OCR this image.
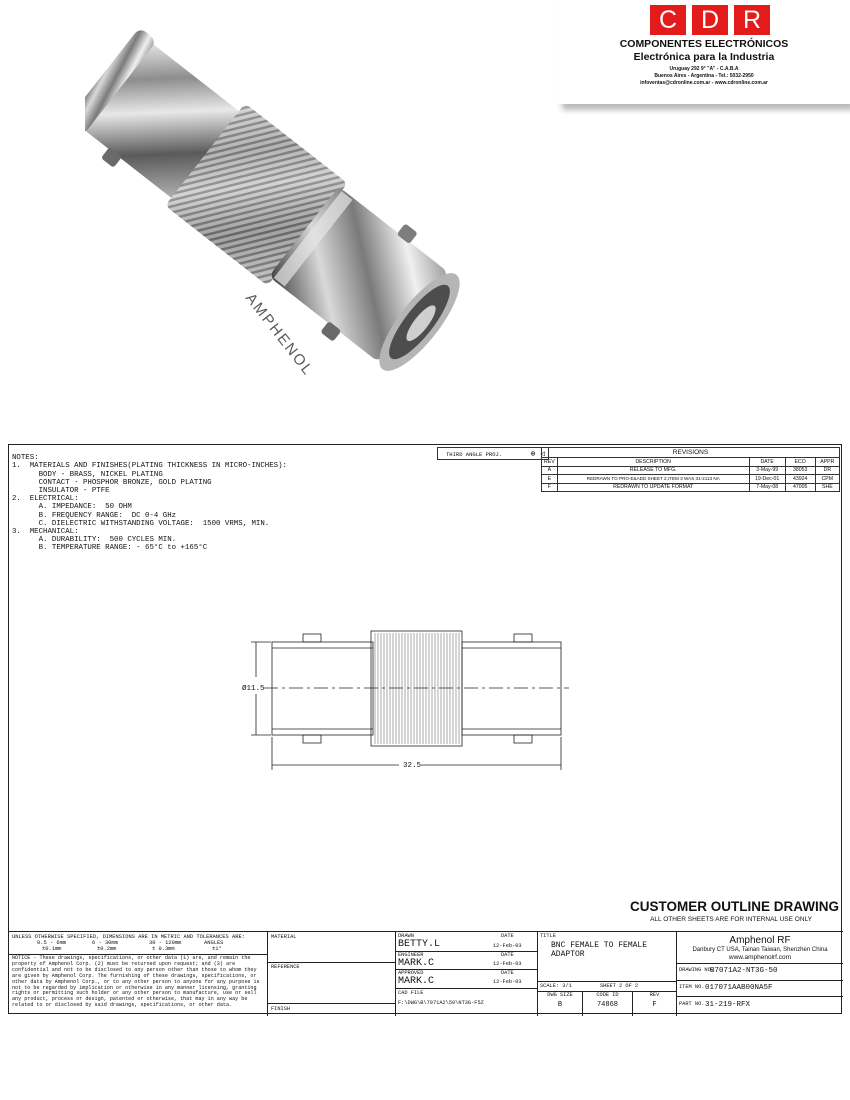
AMPHENOL
C D R
COMPONENTES ELECTRÓNICOS
Electrónica para la Industria
Uruguay 292 9° "A" - C.A.B.A
Buenos Aires - Argentina - Tel.: 5032-2950
infoventas@cdronline.com.ar - www.cdronline.com.ar

NOTES:
1.  MATERIALS AND FINISHES(PLATING THICKNESS IN MICRO-INCHES):
BODY - BRASS, NICKEL PLATING
CONTACT - PHOSPHOR BRONZE, GOLD PLATING
INSULATOR - PTFE
2.  ELECTRICAL:
A. IMPEDANCE:  50 OHM
B. FREQUENCY RANGE:  DC 0-4 GHz
C. DIELECTRIC WITHSTANDING VOLTAGE:  1500 VRMS, MIN.
3.  MECHANICAL:
A. DURABILITY:  500 CYCLES MIN.
B. TEMPERATURE RANGE: - 65°C to +165°C
THIRD ANGLE PROJ.	⊕ ◁	REVISIONS				
REV	DESCRIPTION	DATE	ECO	APPR
A	RELEASE TO MFG.	3-May-99	38053	DR
E	REDRAWN TO PRO-E&ADD SHEET 2,ITEM 3 WAS 31-2113 NA	19-Dec-01	43924	CPM
F	REDRAWN TO UPDATE FORMAT	7-May-08	47005	SHE
Ø11.5
32.5
CUSTOMER OUTLINE DRAWING
ALL OTHER SHEETS ARE FOR INTERNAL USE ONLY
UNLESS OTHERWISE SPECIFIED, DIMENSIONS ARE IN METRIC AND TOLERANCES ARE:
0.5 - 6mm	6 - 30mm	30 - 120mm	ANGLES
±0.1mm	±0.2mm	± 0.3mm	±1°
NOTICE - These drawings, specifications, or other data (1) are, and remain the property of Amphenol Corp. (2) must be returned upon request; and (3) are confidential and not to be disclosed to any person other than those to whom they are given by Amphenol Corp. The furnishing of these drawings, specifications, or other data by Amphenol Corp., or to any other person to anyone for any purpose is not to be regarded by implication or otherwise in any manner licensing, granting rights or permitting such holder or any other person to manufacture, use or sell any product, process or design, patented or otherwise, that may in any way be related to or disclosed by said drawings, specifications, or other data.
MATERIAL
REFERENCE
FINISH
DRAWN	DATE
BETTY.L	12-Feb-03
ENGINEER	DATE
MARK.C	12-Feb-03
APPROVED	DATE
MARK.C	12-Feb-03
CAD FILE
F:\DWG\B\7071A2\50\NT3G-F5Z
TITLE
BNC FEMALE TO FEMALE
ADAPTOR
SCALE: 3/1	SHEET 2 OF 2
DWG SIZE
B
CODE ID
74868
REV
F
Amphenol RF
Danbury CT USA, Tainan Taiwan, Shenzhen China
www.amphenolrf.com
DRAWING NO.
B7071A2-NT3G-50
ITEM NO. 017071AAB00NA5F
PART NO. 31-219-RFX
